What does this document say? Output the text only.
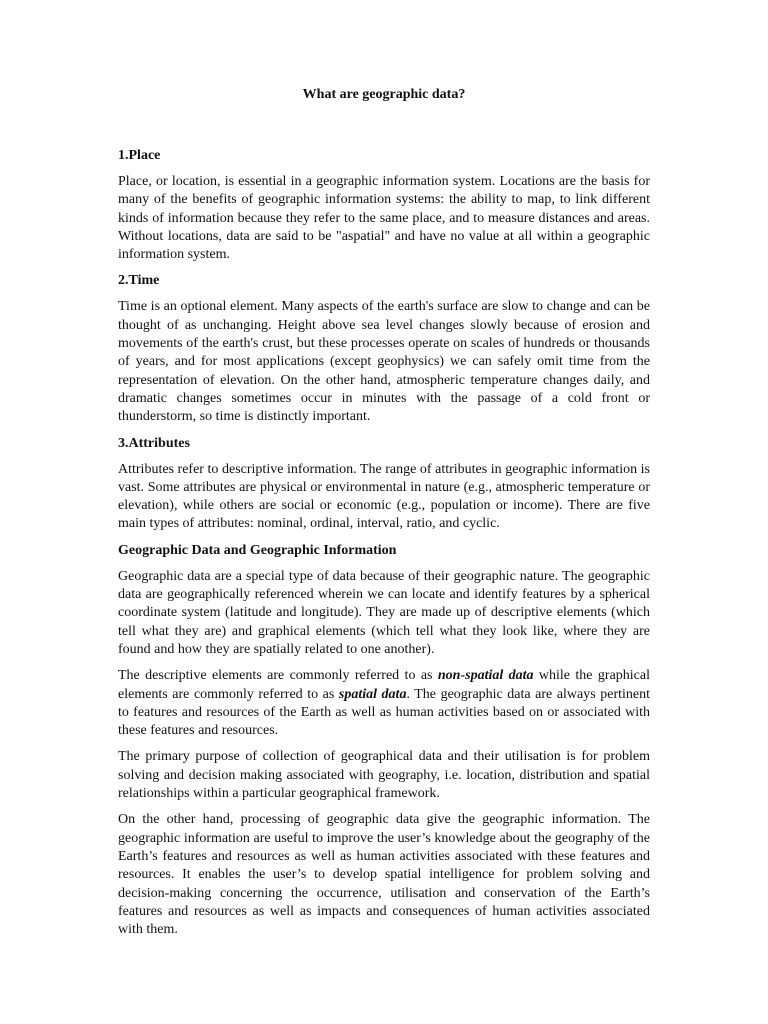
What are geographic data?
1.Place

Place, or location, is essential in a geographic information system. Locations are the basis for many of the benefits of geographic information systems: the ability to map, to link different kinds of information because they refer to the same place, and to measure distances and areas. Without locations, data are said to be "aspatial" and have no value at all within a geographic information system.

2.Time

Time is an optional element. Many aspects of the earth's surface are slow to change and can be thought of as unchanging. Height above sea level changes slowly because of erosion and movements of the earth's crust, but these processes operate on scales of hundreds or thousands of years, and for most applications (except geophysics) we can safely omit time from the representation of elevation. On the other hand, atmospheric temperature changes daily, and dramatic changes sometimes occur in minutes with the passage of a cold front or thunderstorm, so time is distinctly important.

3.Attributes

Attributes refer to descriptive information. The range of attributes in geographic information is vast. Some attributes are physical or environmental in nature (e.g., atmospheric temperature or elevation), while others are social or economic (e.g., population or income). There are five main types of attributes: nominal, ordinal, interval, ratio, and cyclic.

Geographic Data and Geographic Information

Geographic data are a special type of data because of their geographic nature. The geographic data are geographically referenced wherein we can locate and identify features by a spherical coordinate system (latitude and longitude). They are made up of descriptive elements (which tell what they are) and graphical elements (which tell what they look like, where they are found and how they are spatially related to one another).

The descriptive elements are commonly referred to as non-spatial data while the graphical elements are commonly referred to as spatial data. The geographic data are always pertinent to features and resources of the Earth as well as human activities based on or associated with these features and resources.

The primary purpose of collection of geographical data and their utilisation is for problem solving and decision making associated with geography, i.e. location, distribution and spatial relationships within a particular geographical framework.

On the other hand, processing of geographic data give the geographic information. The geographic information are useful to improve the user’s knowledge about the geography of the Earth’s features and resources as well as human activities associated with these features and resources. It enables the user’s to develop spatial intelligence for problem solving and decision-making concerning the occurrence, utilisation and conservation of the Earth’s features and resources as well as impacts and consequences of human activities associated with them.
